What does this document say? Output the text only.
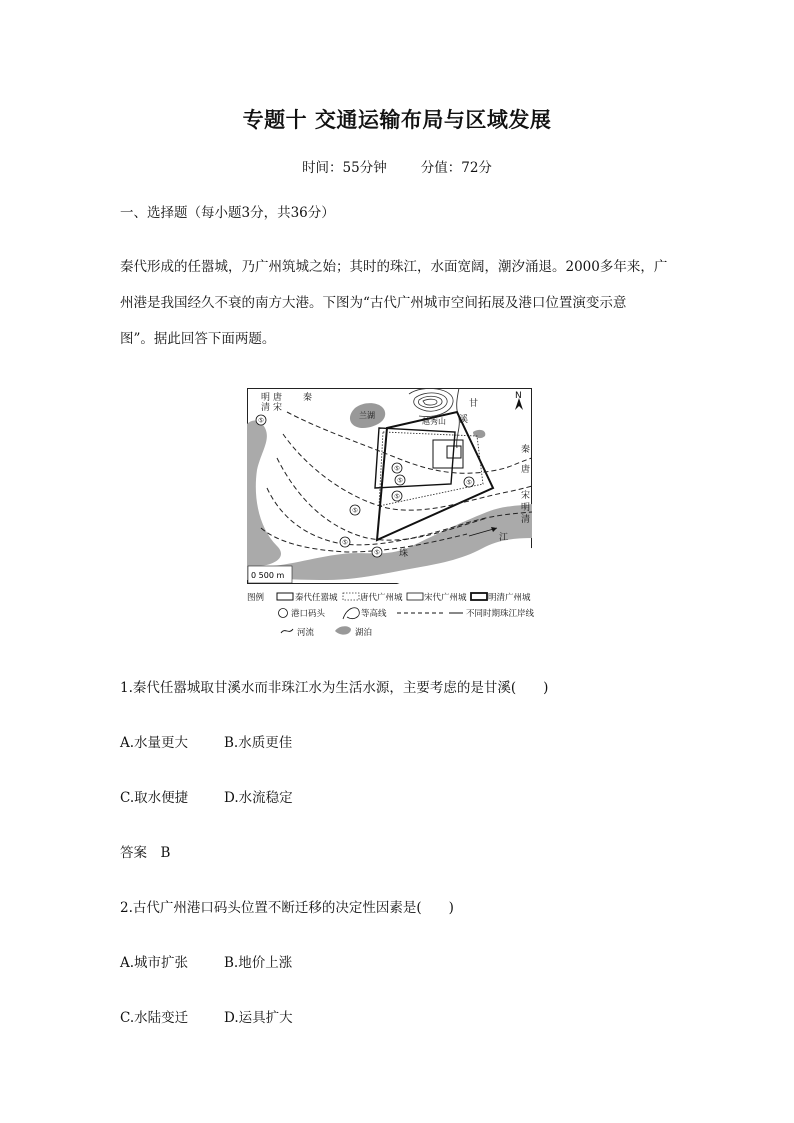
专题十 交通运输布局与区域发展
时间：55分钟	分值：72分
一、选择题（每小题3分，共36分）
秦代形成的任嚣城，乃广州筑城之始；其时的珠江，水面宽阔，潮汐涌退。2000多年来，广
州港是我国经久不衰的南方大港。下图为“古代广州城市空间拓展及港口位置演变示意
图”。据此回答下面两题。
0 500 m
明
清
唐
宋
秦
兰湖
越秀山
甘
溪
N
秦
唐
宋
明
清
珠
江
⑤
⑤
⑤
⑤
⑤
⑤
⑤
⑤
图例	秦代任嚣城	唐代广州城	宋代广州城	明清广州城
港口码头	等高线	不同时期珠江岸线
河流	湖泊
1.秦代任嚣城取甘溪水而非珠江水为生活水源，主要考虑的是甘溪(　　)
A.水量更大	B.水质更佳
C.取水便捷	D.水流稳定
答案　B
2.古代广州港口码头位置不断迁移的决定性因素是(　　)
A.城市扩张	B.地价上涨
C.水陆变迁	D.运具扩大
